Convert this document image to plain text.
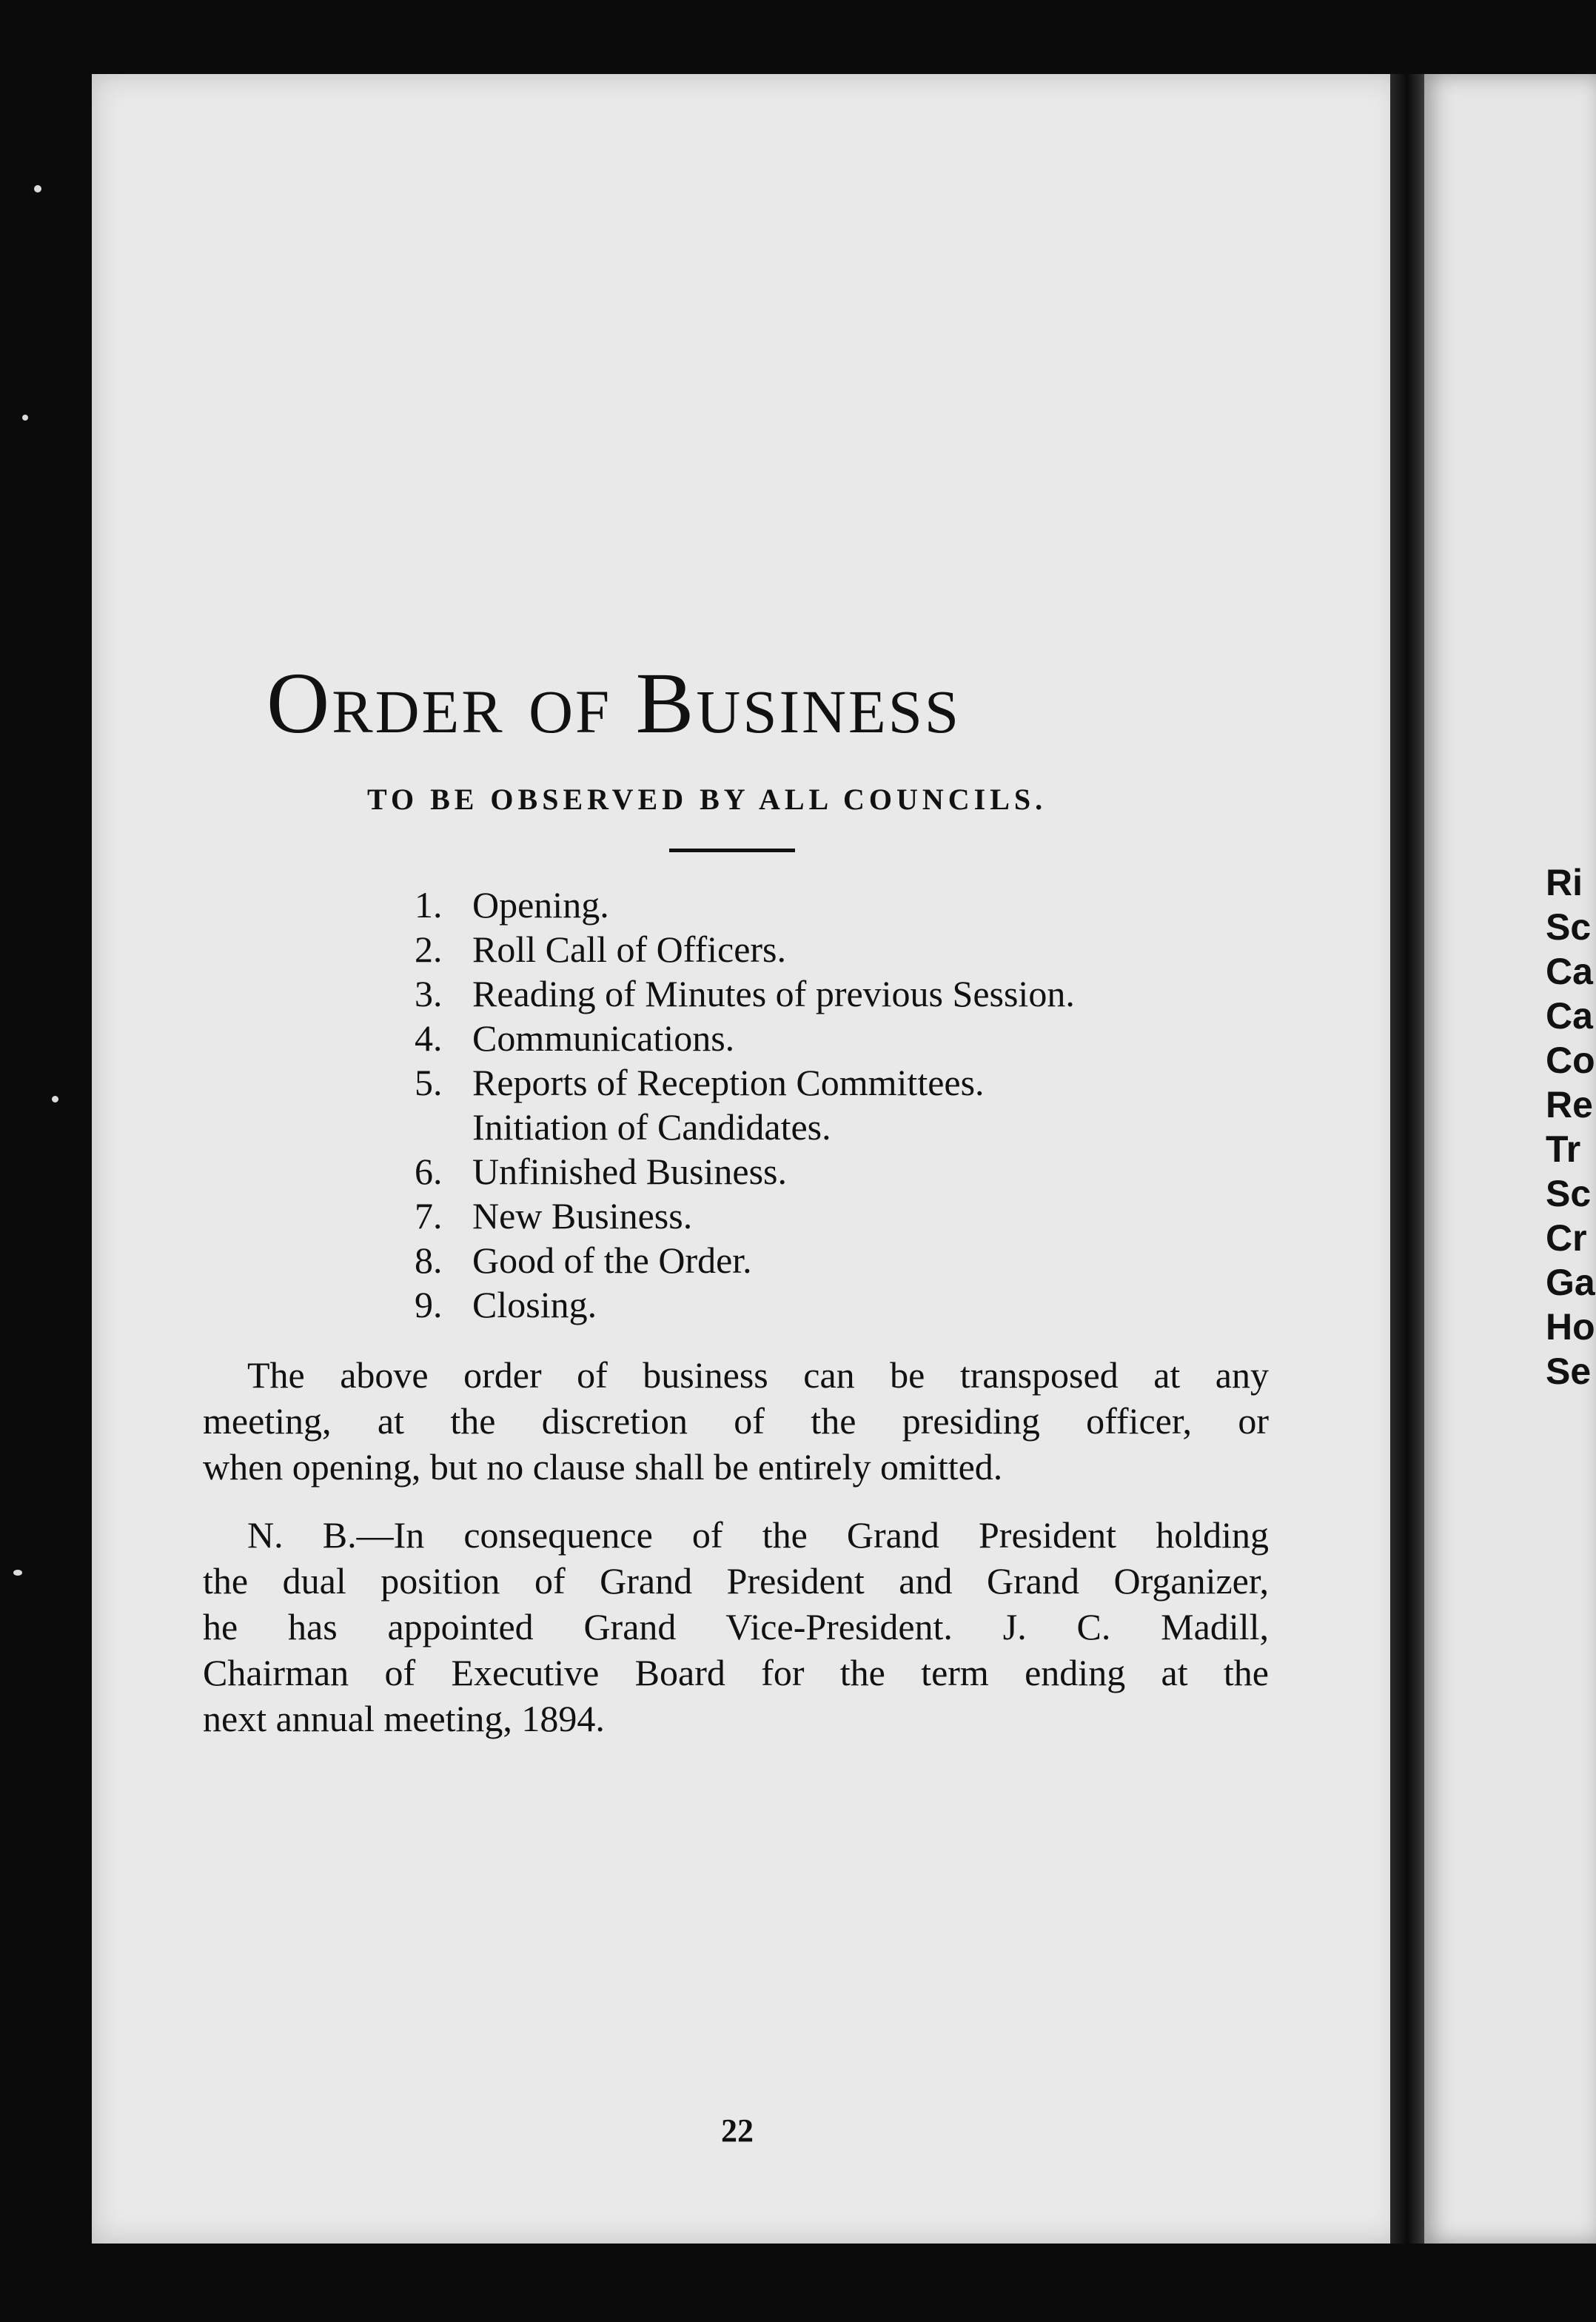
Order of Business
TO BE OBSERVED BY ALL COUNCILS.
1. Opening.
2. Roll Call of Officers.
3. Reading of Minutes of previous Session.
4. Communications.
5. Reports of Reception Committees.
Initiation of Candidates.
6. Unfinished Business.
7. New Business.
8. Good of the Order.
9. Closing.
The above order of business can be transposed at any
meeting, at the discretion of the presiding officer, or
when opening, but no clause shall be entirely omitted.
N. B.—In consequence of the Grand President holding
the dual position of Grand President and Grand Organizer,
he has appointed Grand Vice-President. J. C. Madill,
Chairman of Executive Board for the term ending at the
next annual meeting, 1894.
22
Ri
Sc
Ca
Ca
Co
Re
Tr
Sc
Cr
Ga
Ho
Se
